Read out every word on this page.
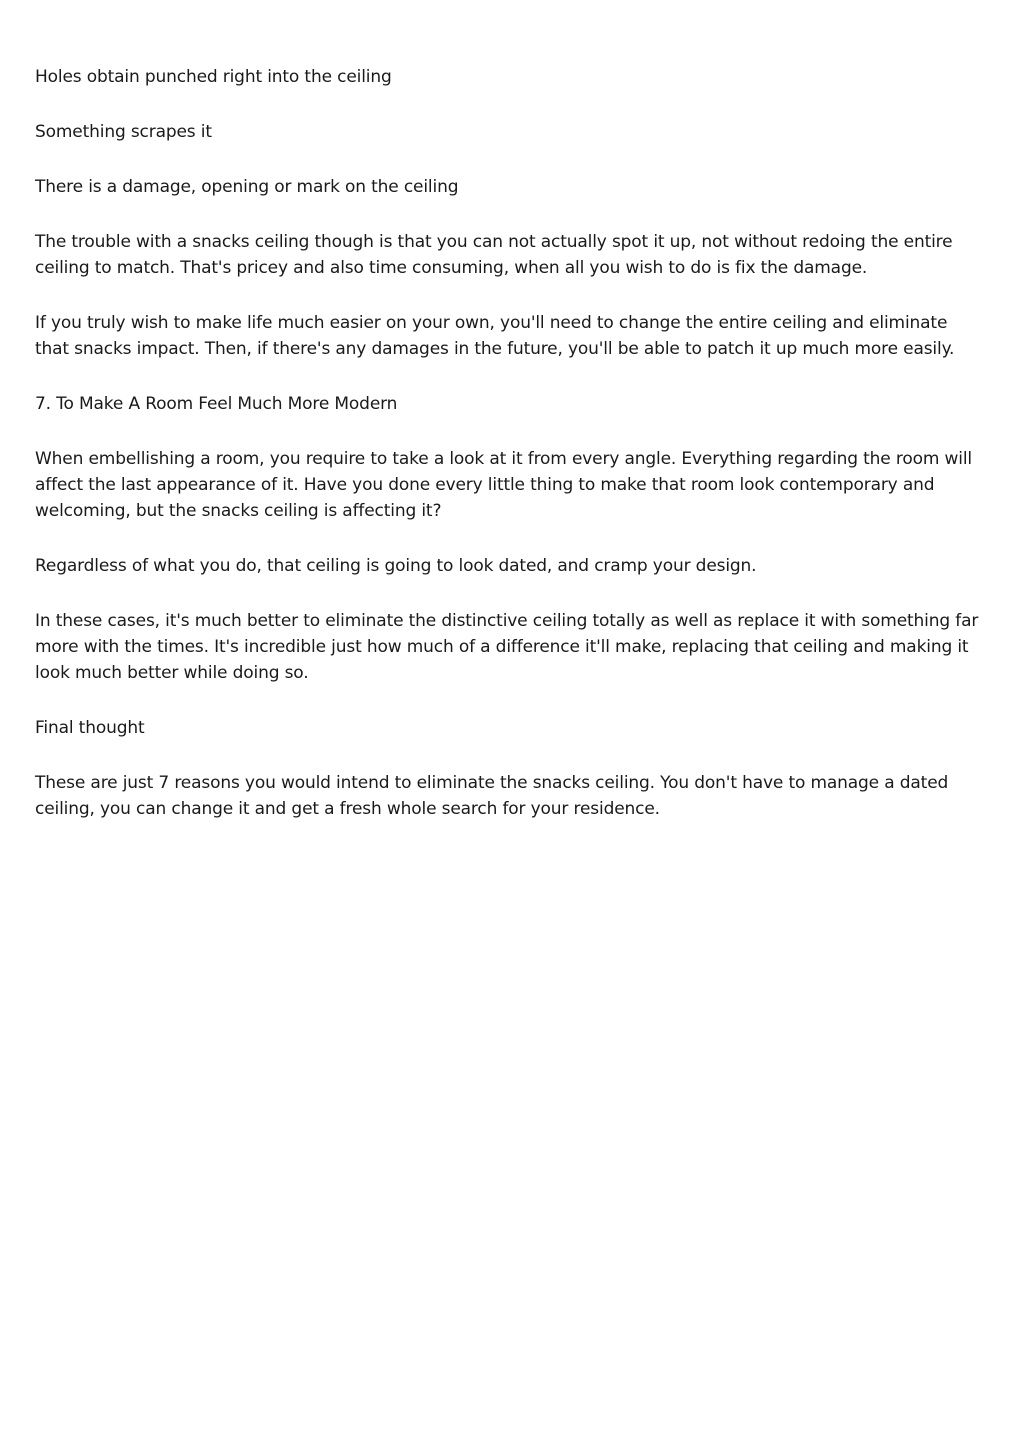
Holes obtain punched right into the ceiling

Something scrapes it

There is a damage, opening or mark on the ceiling

The trouble with a snacks ceiling though is that you can not actually spot it up, not without redoing the entire ceiling to match. That's pricey and also time consuming, when all you wish to do is fix the damage.

If you truly wish to make life much easier on your own, you'll need to change the entire ceiling and eliminate that snacks impact. Then, if there's any damages in the future, you'll be able to patch it up much more easily.

7. To Make A Room Feel Much More Modern

When embellishing a room, you require to take a look at it from every angle. Everything regarding the room will affect the last appearance of it. Have you done every little thing to make that room look contemporary and welcoming, but the snacks ceiling is affecting it?

Regardless of what you do, that ceiling is going to look dated, and cramp your design.

In these cases, it's much better to eliminate the distinctive ceiling totally as well as replace it with something far more with the times. It's incredible just how much of a difference it'll make, replacing that ceiling and making it look much better while doing so.

Final thought

These are just 7 reasons you would intend to eliminate the snacks ceiling. You don't have to manage a dated ceiling, you can change it and get a fresh whole search for your residence.
